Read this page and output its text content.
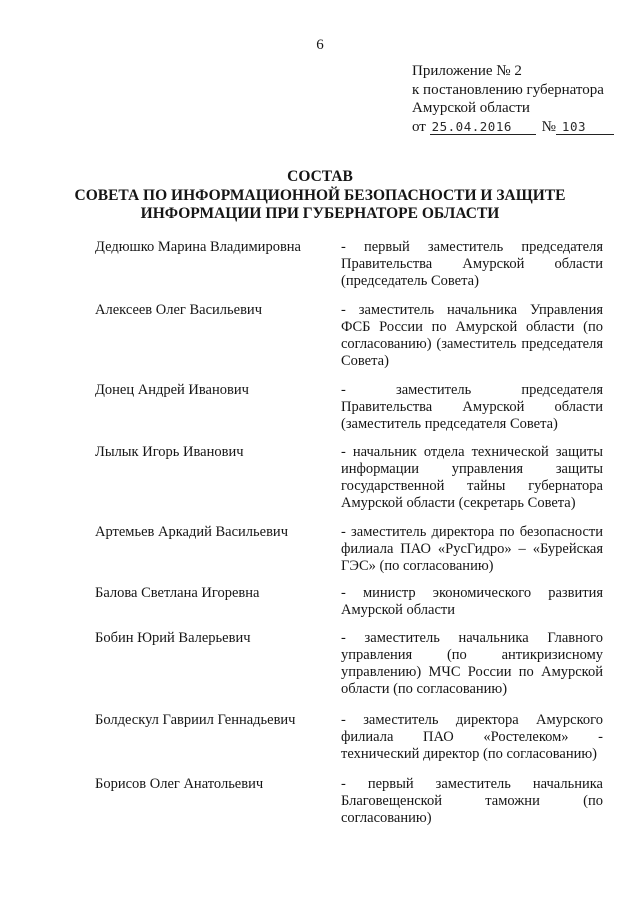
6
Приложение № 2
к постановлению губернатора
Амурской области
от 25.04.2016 № 103
СОСТАВ
СОВЕТА ПО ИНФОРМАЦИОННОЙ БЕЗОПАСНОСТИ И ЗАЩИТЕ
ИНФОРМАЦИИ ПРИ ГУБЕРНАТОРЕ ОБЛАСТИ
Дедюшко Марина Владимировна	- первый заместитель председателя Правительства Амурской области (председатель Совета)
Алексеев Олег Васильевич	- заместитель начальника Управления ФСБ России по Амурской области (по согласованию) (заместитель председателя Совета)
Донец Андрей Иванович	- заместитель председателя Правительства Амурской области (заместитель председателя Совета)
Лылык Игорь Иванович	- начальник отдела технической защиты информации управления защиты государственной тайны губернатора Амурской области (секретарь Совета)
Артемьев Аркадий Васильевич	- заместитель директора по безопасности филиала ПАО «РусГидро» – «Бурейская ГЭС» (по согласованию)
Балова Светлана Игоревна	- министр экономического развития Амурской области
Бобин Юрий Валерьевич	- заместитель начальника Главного управления (по антикризисному управлению) МЧС России по Амурской области (по согласованию)
Болдескул Гавриил Геннадьевич	- заместитель директора Амурского филиала ПАО «Ростелеком» - технический директор (по согласованию)
Борисов Олег Анатольевич	- первый заместитель начальника Благовещенской таможни (по согласованию)
